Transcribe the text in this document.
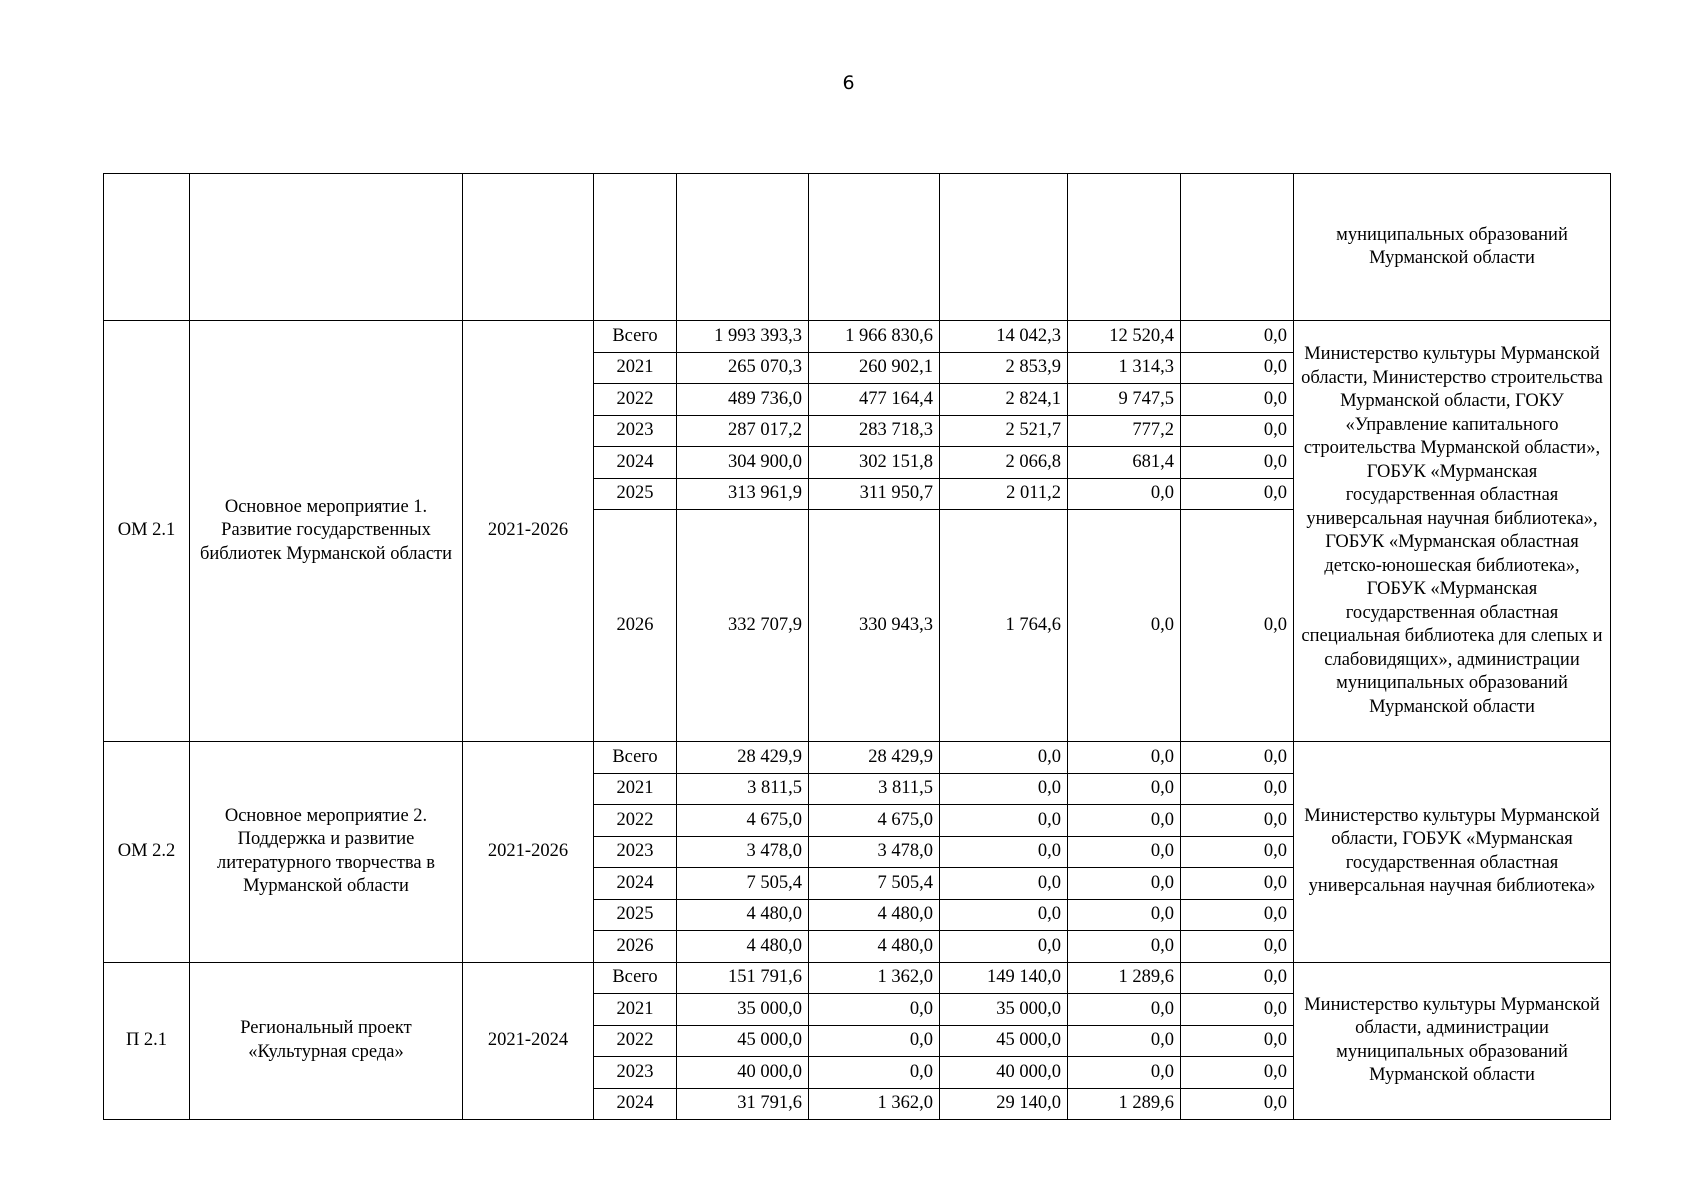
6
									муниципальных образований
Мурманской области
ОМ 2.1	Основное мероприятие 1. Развитие государственных библиотек Мурманской области	2021-2026	Всего	1 993 393,3	1 966 830,6	14 042,3	12 520,4	0,0	Министерство культуры Мурманской области, Министерство строительства Мурманской области, ГОКУ «Управление капитального строительства Мурманской области», ГОБУК «Мурманская государственная областная универсальная научная библиотека», ГОБУК «Мурманская областная детско-юношеская библиотека», ГОБУК «Мурманская государственная областная специальная библиотека для слепых и слабовидящих», администрации муниципальных образований Мурманской области
			2021	265 070,3	260 902,1	2 853,9	1 314,3	0,0	
			2022	489 736,0	477 164,4	2 824,1	9 747,5	0,0	
			2023	287 017,2	283 718,3	2 521,7	777,2	0,0	
			2024	304 900,0	302 151,8	2 066,8	681,4	0,0	
			2025	313 961,9	311 950,7	2 011,2	0,0	0,0	
			2026	332 707,9	330 943,3	1 764,6	0,0	0,0	
ОМ 2.2	Основное мероприятие 2. Поддержка и развитие литературного творчества в Мурманской области	2021-2026	Всего	28 429,9	28 429,9	0,0	0,0	0,0	Министерство культуры Мурманской области, ГОБУК «Мурманская государственная областная универсальная научная библиотека»
			2021	3 811,5	3 811,5	0,0	0,0	0,0	
			2022	4 675,0	4 675,0	0,0	0,0	0,0	
			2023	3 478,0	3 478,0	0,0	0,0	0,0	
			2024	7 505,4	7 505,4	0,0	0,0	0,0	
			2025	4 480,0	4 480,0	0,0	0,0	0,0	
			2026	4 480,0	4 480,0	0,0	0,0	0,0	
П 2.1	Региональный проект «Культурная среда»	2021-2024	Всего	151 791,6	1 362,0	149 140,0	1 289,6	0,0	Министерство культуры Мурманской области, администрации муниципальных образований Мурманской области
			2021	35 000,0	0,0	35 000,0	0,0	0,0	
			2022	45 000,0	0,0	45 000,0	0,0	0,0	
			2023	40 000,0	0,0	40 000,0	0,0	0,0	
			2024	31 791,6	1 362,0	29 140,0	1 289,6	0,0	
